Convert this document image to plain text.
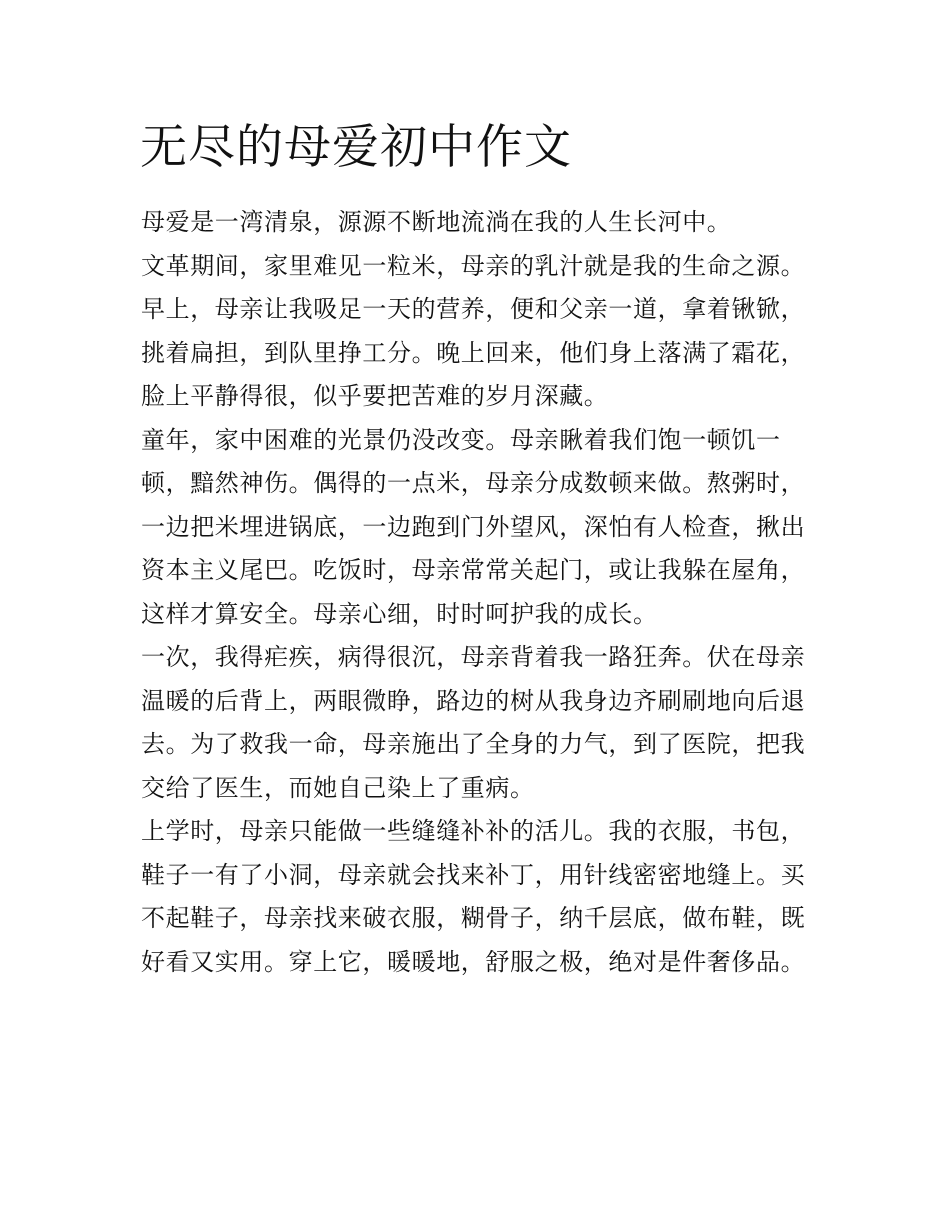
无尽的母爱初中作文
母爱是一湾清泉，源源不断地流淌在我的人生长河中。
文革期间，家里难见一粒米，母亲的乳汁就是我的生命之源。
早上，母亲让我吸足一天的营养，便和父亲一道，拿着锹锨，
挑着扁担，到队里挣工分。晚上回来，他们身上落满了霜花，
脸上平静得很，似乎要把苦难的岁月深藏。
童年，家中困难的光景仍没改变。母亲瞅着我们饱一顿饥一
顿，黯然神伤。偶得的一点米，母亲分成数顿来做。熬粥时，
一边把米埋进锅底，一边跑到门外望风，深怕有人检查，揪出
资本主义尾巴。吃饭时，母亲常常关起门，或让我躲在屋角，
这样才算安全。母亲心细，时时呵护我的成长。
一次，我得疟疾，病得很沉，母亲背着我一路狂奔。伏在母亲
温暖的后背上，两眼微睁，路边的树从我身边齐刷刷地向后退
去。为了救我一命，母亲施出了全身的力气，到了医院，把我
交给了医生，而她自己染上了重病。
上学时，母亲只能做一些缝缝补补的活儿。我的衣服，书包，
鞋子一有了小洞，母亲就会找来补丁，用针线密密地缝上。买
不起鞋子，母亲找来破衣服，糊骨子，纳千层底，做布鞋，既
好看又实用。穿上它，暖暖地，舒服之极，绝对是件奢侈品。
